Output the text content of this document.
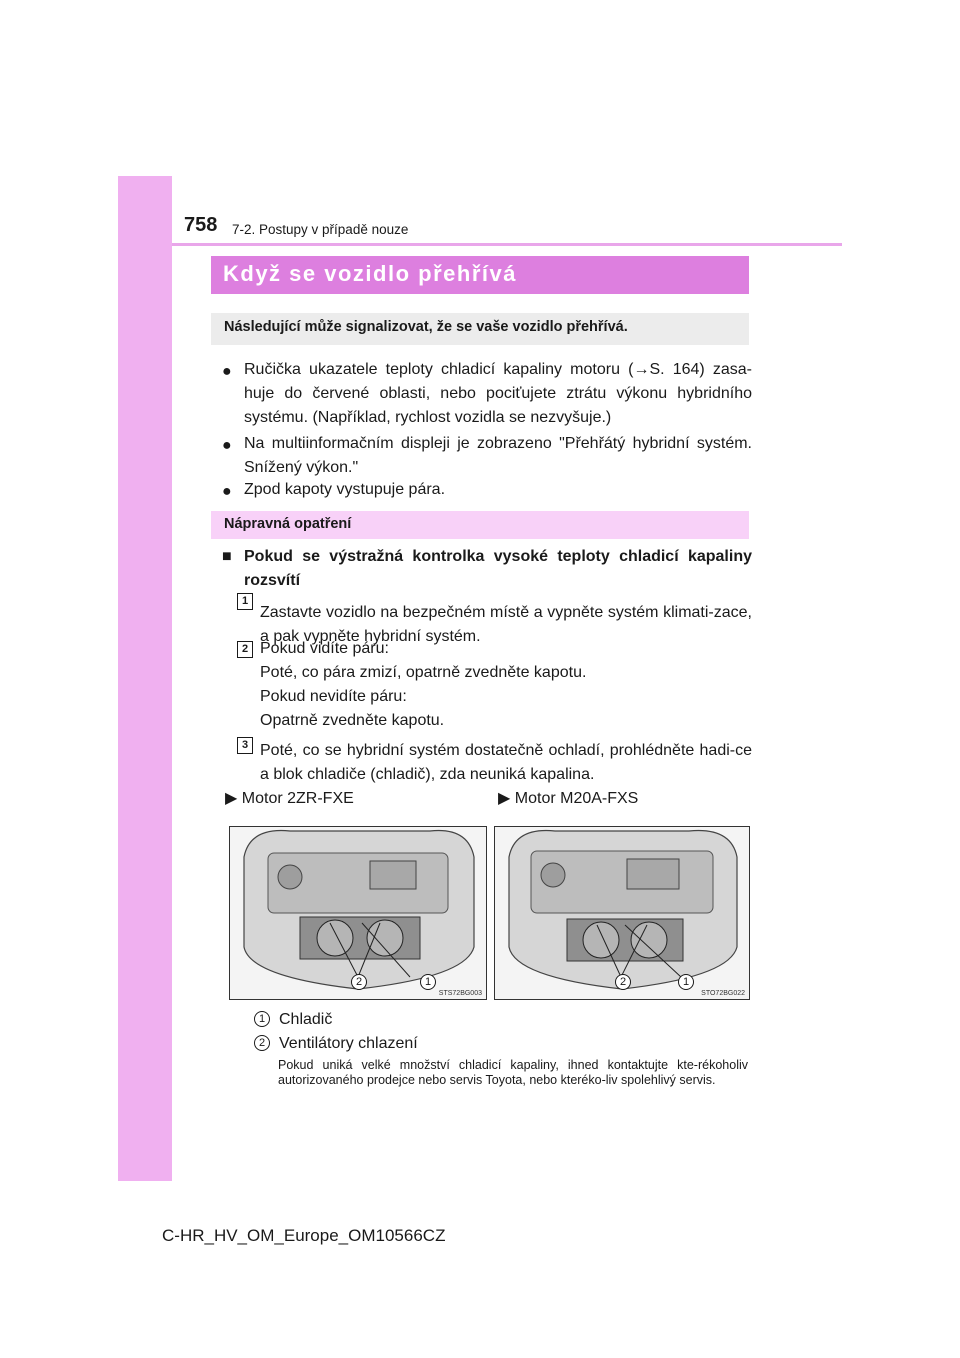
758 7-2. Postupy v případě nouze
Když se vozidlo přehřívá
Následující může signalizovat, že se vaše vozidlo přehřívá.
● Ručička ukazatele teploty chladicí kapaliny motoru (→S. 164) zasa-huje do červené oblasti, nebo pociťujete ztrátu výkonu hybridního systému. (Například, rychlost vozidla se nezvyšuje.)
● Na multiinformačním displeji je zobrazeno "Přehřátý hybridní systém. Snížený výkon."
● Zpod kapoty vystupuje pára.
Nápravná opatření
■ Pokud se výstražná kontrolka vysoké teploty chladicí kapaliny rozsvítí
1
Zastavte vozidlo na bezpečném místě a vypněte systém klimati-zace, a pak vypněte hybridní systém.
2 Pokud vidíte páru:
Poté, co pára zmizí, opatrně zvedněte kapotu.
Pokud nevidíte páru:
Opatrně zvedněte kapotu.
3 Poté, co se hybridní systém dostatečně ochladí, prohlédněte hadi-ce a blok chladiče (chladič), zda neuniká kapalina.
▶ Motor 2ZR-FXE	▶ Motor M20A-FXS
STS72BG003
2	1
STO72BG022
2	1
1 Chladič
2 Ventilátory chlazení
Pokud uniká velké množství chladicí kapaliny, ihned kontaktujte kte-rékoholiv autorizovaného prodejce nebo servis Toyota, nebo kteréko-liv spolehlivý servis.
C-HR_HV_OM_Europe_OM10566CZ
